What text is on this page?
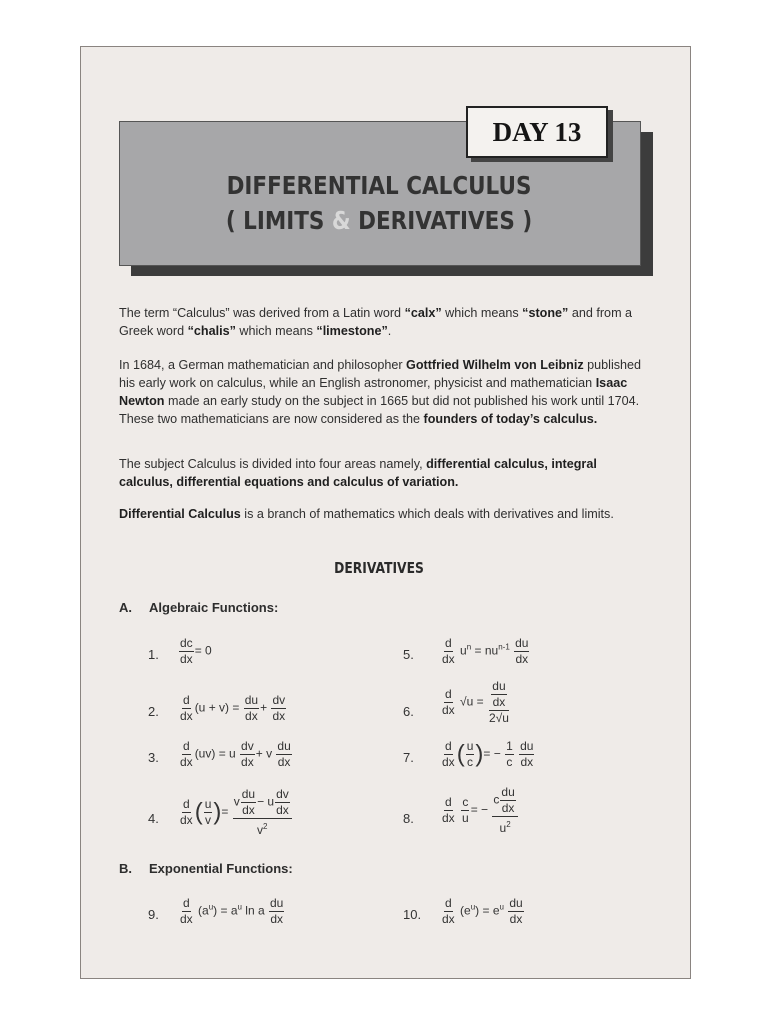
DAY 13
DIFFERENTIAL CALCULUS
( LIMITS & DERIVATIVES )
The term “Calculus” was derived from a Latin word “calx” which means “stone” and from a Greek word “chalis” which means “limestone”.
In 1684, a German mathematician and philosopher Gottfried Wilhelm von Leibniz published his early work on calculus, while an English astronomer, physicist and mathematician Isaac Newton made an early study on the subject in 1665 but did not published his work until 1704. These two mathematicians are now considered as the founders of today’s calculus.
The subject Calculus is divided into four areas namely, differential calculus, integral calculus, differential equations and calculus of variation.
Differential Calculus is a branch of mathematics which deals with derivatives and limits.
DERIVATIVES
A. Algebraic Functions:
B. Exponential Functions:
1. $\frac{dc}{dx} = 0$
2. $\frac{d}{dx} (u + v) = \frac{du}{dx} + \frac{dv}{dx}$
3. $\frac{d}{dx} (uv) = u \frac{dv}{dx} + v \frac{du}{dx}$
4. $\frac{d}{dx}$ ( $\frac{u}{v}$ )= $\frac{v \frac{du}{dx} - u \frac{dv}{dx}}{v^2}$
5. $\frac{d}{dx} u^n = nu^{n-1} \frac{du}{dx}$
6. $\frac{d}{dx} √u = \frac{\frac{du}{dx}}{2√u}$
7. $\frac{d}{dx}$ ( $\frac{u}{c}$ )= − $\frac{1}{c}$
$\frac{du}{dx}$
8. $\frac{d}{dx}$
$\frac{c}{u}$ = − $\frac{c \frac{du}{dx}}{u^2}$
9. $\frac{d}{dx} (a^u) = a^u$ ln a $\frac{du}{dx}$	10. $\frac{d}{dx} (e^u) = e^u \frac{du}{dx}$
